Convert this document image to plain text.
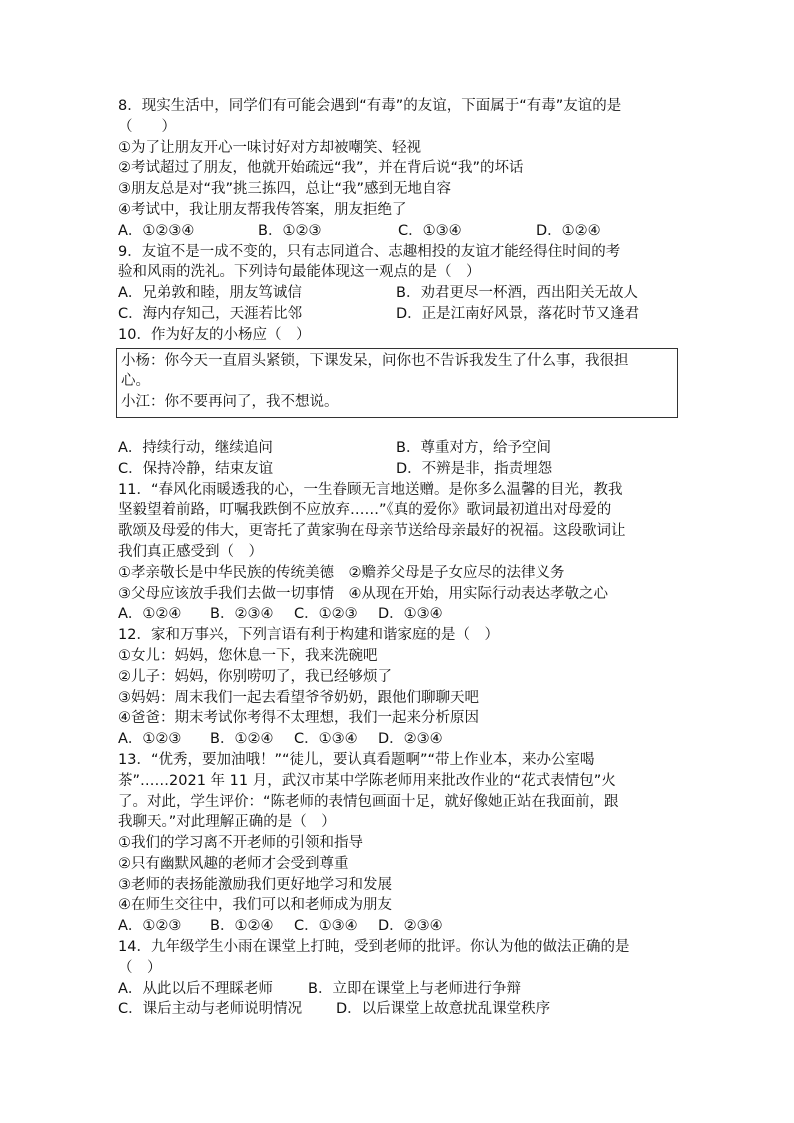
8．现实生活中，同学们有可能会遇到“有毒”的友谊，下面属于“有毒”友谊的是
（　　）
①为了让朋友开心一味讨好对方却被嘲笑、轻视
②考试超过了朋友，他就开始疏远“我”，并在背后说“我”的坏话
③朋友总是对“我”挑三拣四，总让“我”感到无地自容
④考试中，我让朋友帮我传答案，朋友拒绝了
A．①②③④	B．①②③	C．①③④	D．①②④
9．友谊不是一成不变的，只有志同道合、志趣相投的友谊才能经得住时间的考
验和风雨的洗礼。下列诗句最能体现这一观点的是（　）
A．兄弟敦和睦，朋友笃诚信	B．劝君更尽一杯酒，西出阳关无故人
C．海内存知己，天涯若比邻	D．正是江南好风景，落花时节又逢君
10．作为好友的小杨应（　）
小杨：你今天一直眉头紧锁，下课发呆，问你也不告诉我发生了什么事，我很担
心。
小江：你不要再问了，我不想说。
A．持续行动，继续追问	B．尊重对方，给予空间
C．保持冷静，结束友谊	D．不辨是非，指责埋怨
11．“春风化雨暖透我的心，一生眷顾无言地送赠。是你多么温馨的目光，教我
坚毅望着前路，叮嘱我跌倒不应放弃……”《真的爱你》歌词最初道出对母爱的
歌颂及母爱的伟大，更寄托了黄家驹在母亲节送给母亲最好的祝福。这段歌词让
我们真正感受到（　）
①孝亲敬长是中华民族的传统美德　②赡养父母是子女应尽的法律义务
③父母应该放手我们去做一切事情　④从现在开始，用实际行动表达孝敬之心
A．①②④ B．②③④ C．①②③ D．①③④
12．家和万事兴，下列言语有利于构建和谐家庭的是（　）
①女儿：妈妈，您休息一下，我来洗碗吧
②儿子：妈妈，你别唠叨了，我已经够烦了
③妈妈：周末我们一起去看望爷爷奶奶，跟他们聊聊天吧
④爸爸：期末考试你考得不太理想，我们一起来分析原因
A．①②③ B．①②④ C．①③④ D．②③④
13．“优秀，要加油哦！”“徒儿，要认真看题啊”“带上作业本，来办公室喝
茶”……2021 年 11 月，武汉市某中学陈老师用来批改作业的“花式表情包”火
了。对此，学生评价：“陈老师的表情包画面十足，就好像她正站在我面前，跟
我聊天。”对此理解正确的是（　）
①我们的学习离不开老师的引领和指导
②只有幽默风趣的老师才会受到尊重
③老师的表扬能激励我们更好地学习和发展
④在师生交往中，我们可以和老师成为朋友
A．①②③ B．①②④ C．①③④ D．②③④
14．九年级学生小雨在课堂上打盹，受到老师的批评。你认为他的做法正确的是
（　）
A．从此以后不理睬老师 B．立即在课堂上与老师进行争辩
C．课后主动与老师说明情况 D．以后课堂上故意扰乱课堂秩序
